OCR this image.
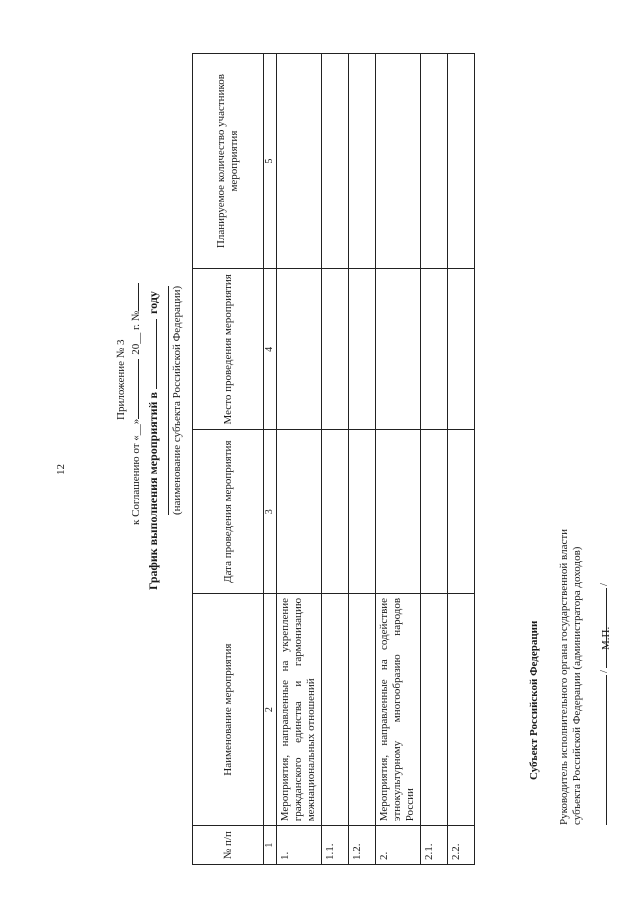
12
Приложение № 3
к Соглашению от «__»20__ г. №
График выполнения мероприятий в  году (наименование субъекта Российской Федерации)
№ п/п	Наименование мероприятия	Дата проведения мероприятия	Место проведения мероприятия	Планируемое количество участников мероприятия
1	2	3	4	5
1.	Мероприятия, направленные на укрепление гражданского единства и гармонизацию межнациональных отношений			
1.1.				
1.2.				
2.	Мероприятия, направленные на содействие этнокультурному многообразию народов России			
2.1.				
2.2.				
Субъект Российской Федерации Руководитель исполнительного органа государственной власти субъекта Российской Федерации (администратора доходов) //
М.П.
